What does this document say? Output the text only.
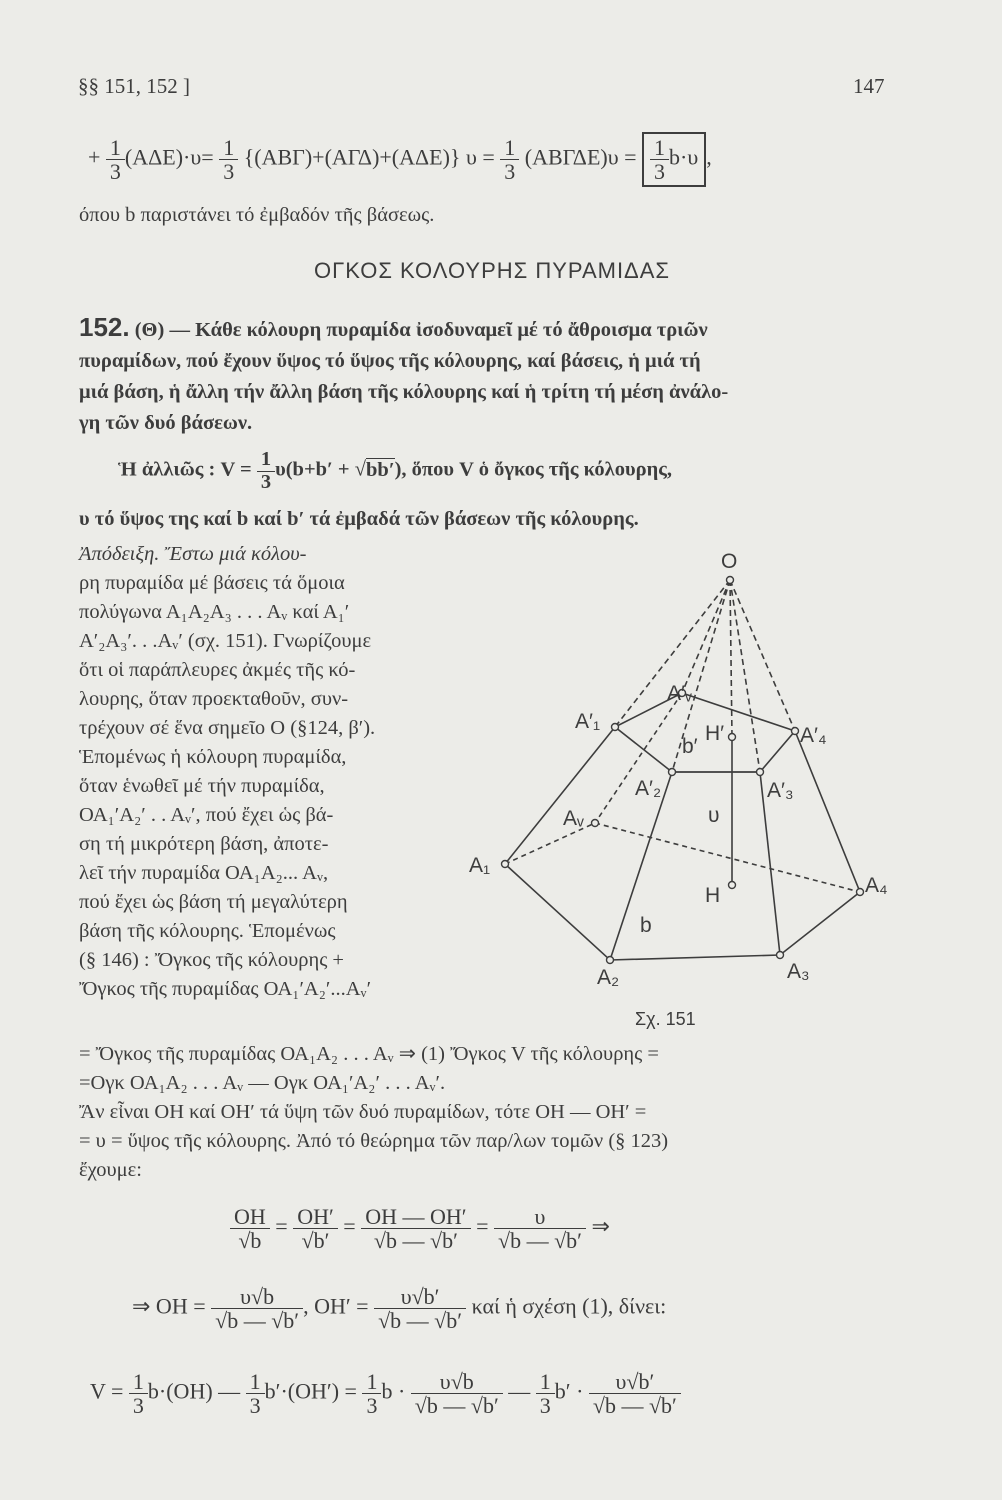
§§ 151, 152 ]	147
+ $\frac{1}{3} (A\Delta E)\cdot\upsilon= \frac{1}{3} \{(AB\Gamma)+(A\Gamma\Delta)+(A\Delta E)\} \upsilon = \frac{1}{3} (AB\Gamma\Delta E)\upsilon = \frac{1}{3} b\cdot\upsilon$ ,
όπου b παριστάνει τό ἐμβαδόν τῆς βάσεως.
ΟΓΚΟΣ ΚΟΛΟΥΡΗΣ ΠΥΡΑΜΙΔΑΣ
152. (Θ) — Κάθε κόλουρη πυραμίδα ἰσοδυναμεῖ μέ τό ἄθροισμα τριῶν
πυραμίδων, πού ἔχουν ὕψος τό ὕψος τῆς κόλουρης, καί βάσεις, ἡ μιά τή
μιά βάση, ἡ ἄλλη τήν ἄλλη βάση τῆς κόλουρης καί ἡ τρίτη τή μέση ἀνάλο-
γη τῶν δυό βάσεων.
Ἡ ἀλλιῶς : $V = \frac{1}{3} \upsilon(b+b' + √bb')$, ὅπου V ὁ ὄγκος τῆς κόλουρης,
υ τό ὕψος της καί b καί b′ τά ἐμβαδά τῶν βάσεων τῆς κόλουρης.
Ἀπόδειξη. Ἔστω μιά κόλου-
ρη πυραμίδα μέ βάσεις τά ὅμοια
πολύγωνα Α₁Α₂Α₃ . . . Αᵥ καί Α₁′
Α′₂Α₃′. . .Αᵥ′ (σχ. 151). Γνωρίζουμε
ὅτι οἱ παράπλευρες ἀκμές τῆς κό-
λουρης, ὅταν προεκταθοῦν, συν-
τρέχουν σέ ἕνα σημεῖο Ο (§124, β′).
Ἑπομένως ἡ κόλουρη πυραμίδα,
ὅταν ἑνωθεῖ μέ τήν πυραμίδα,
ΟΑ₁′Α₂′ . . Αᵥ′, πού ἔχει ὡς βά-
ση τή μικρότερη βάση, ἀποτε-
λεῖ τήν πυραμίδα ΟΑ₁Α₂... Αᵥ,
πού ἔχει ὡς βάση τή μεγαλύτερη
βάση τῆς κόλουρης. Ἑπομένως
(§ 146) : Ὄγκος τῆς κόλουρης +
Ὄγκος τῆς πυραμίδας ΟΑ₁′Α₂′...Αᵥ′
O
A′₁
A′ᵥ
A′₂	A′₃
A′₄
H′
b′
Aᵥ
A₁
A₂	A₃
A₄
H
b
υ
Σχ. 151
= Ὄγκος τῆς πυραμίδας ΟΑ₁Α₂ . . . Αᵥ ⇒ (1) Ὄγκος V τῆς κόλουρης =
=Ογκ ΟΑ₁Α₂ . . . Αᵥ — Ογκ ΟΑ₁′Α₂′ . . . Αᵥ′.
Ἄν εἶναι ΟΗ καί ΟΗ′ τά ὕψη τῶν δυό πυραμίδων, τότε ΟΗ — ΟΗ′ =
= υ = ὕψος τῆς κόλουρης. Ἀπό τό θεώρημα τῶν παρ/λων τομῶν (§ 123)
ἔχουμε:
$\frac{OH}{√b} = \frac{OH'}{√b'} = \frac{OH — OH'}{√b — √b'} = \frac{\upsilon}{√b — √b'}$ ⇒
⇒ OH = $\frac{\upsilon√b}{√b — √b'}$ , $OH' = \frac{\upsilon√b'}{√b — √b'}$ καί ἡ σχέση (1), δίνει:
$V = \frac{1}{3} b\cdot(OH)$ — $\frac{1}{3} b'\cdot(OH') = \frac{1}{3}$ $b \cdot \frac{\upsilon√b}{√b — √b'}$ — $\frac{1}{3} b' \cdot \frac{\upsilon√b'}{√b — √b'}$
